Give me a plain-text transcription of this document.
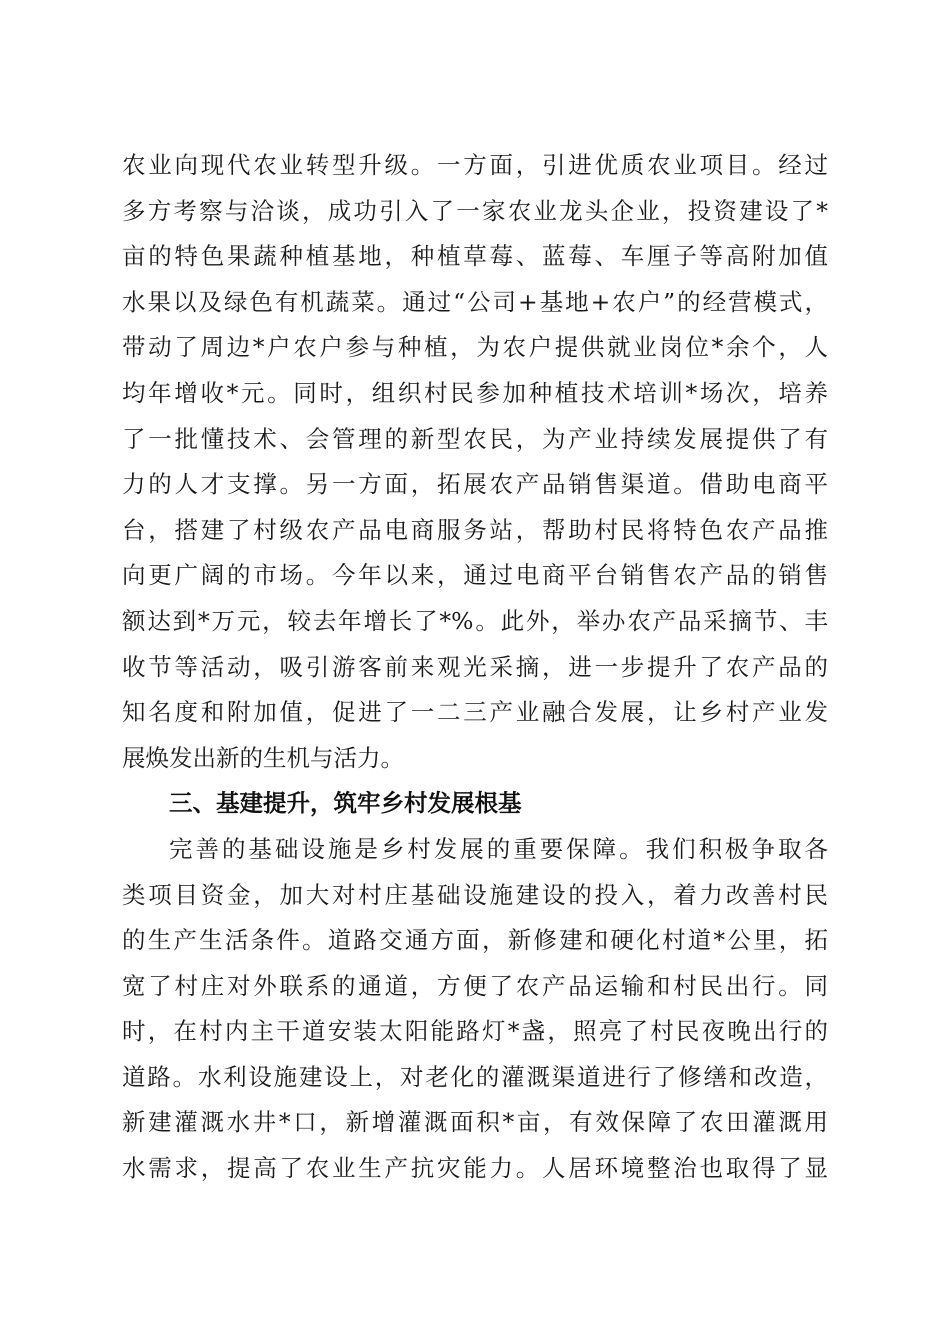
农业向现代农业转型升级。一方面，引进优质农业项目。经过
多方考察与洽谈，成功引入了一家农业龙头企业，投资建设了*
亩的特色果蔬种植基地，种植草莓、蓝莓、车厘子等高附加值
水果以及绿色有机蔬菜。通过“公司+基地+农户”的经营模式，
带动了周边*户农户参与种植，为农户提供就业岗位*余个，人
均年增收*元。同时，组织村民参加种植技术培训*场次，培养
了一批懂技术、会管理的新型农民，为产业持续发展提供了有
力的人才支撑。另一方面，拓展农产品销售渠道。借助电商平
台，搭建了村级农产品电商服务站，帮助村民将特色农产品推
向更广阔的市场。今年以来，通过电商平台销售农产品的销售
额达到*万元，较去年增长了*%。此外，举办农产品采摘节、丰
收节等活动，吸引游客前来观光采摘，进一步提升了农产品的
知名度和附加值，促进了一二三产业融合发展，让乡村产业发
展焕发出新的生机与活力。
三、基建提升，筑牢乡村发展根基
完善的基础设施是乡村发展的重要保障。我们积极争取各
类项目资金，加大对村庄基础设施建设的投入，着力改善村民
的生产生活条件。道路交通方面，新修建和硬化村道*公里，拓
宽了村庄对外联系的通道，方便了农产品运输和村民出行。同
时，在村内主干道安装太阳能路灯*盏，照亮了村民夜晚出行的
道路。水利设施建设上，对老化的灌溉渠道进行了修缮和改造，
新建灌溉水井*口，新增灌溉面积*亩，有效保障了农田灌溉用
水需求，提高了农业生产抗灾能力。人居环境整治也取得了显
